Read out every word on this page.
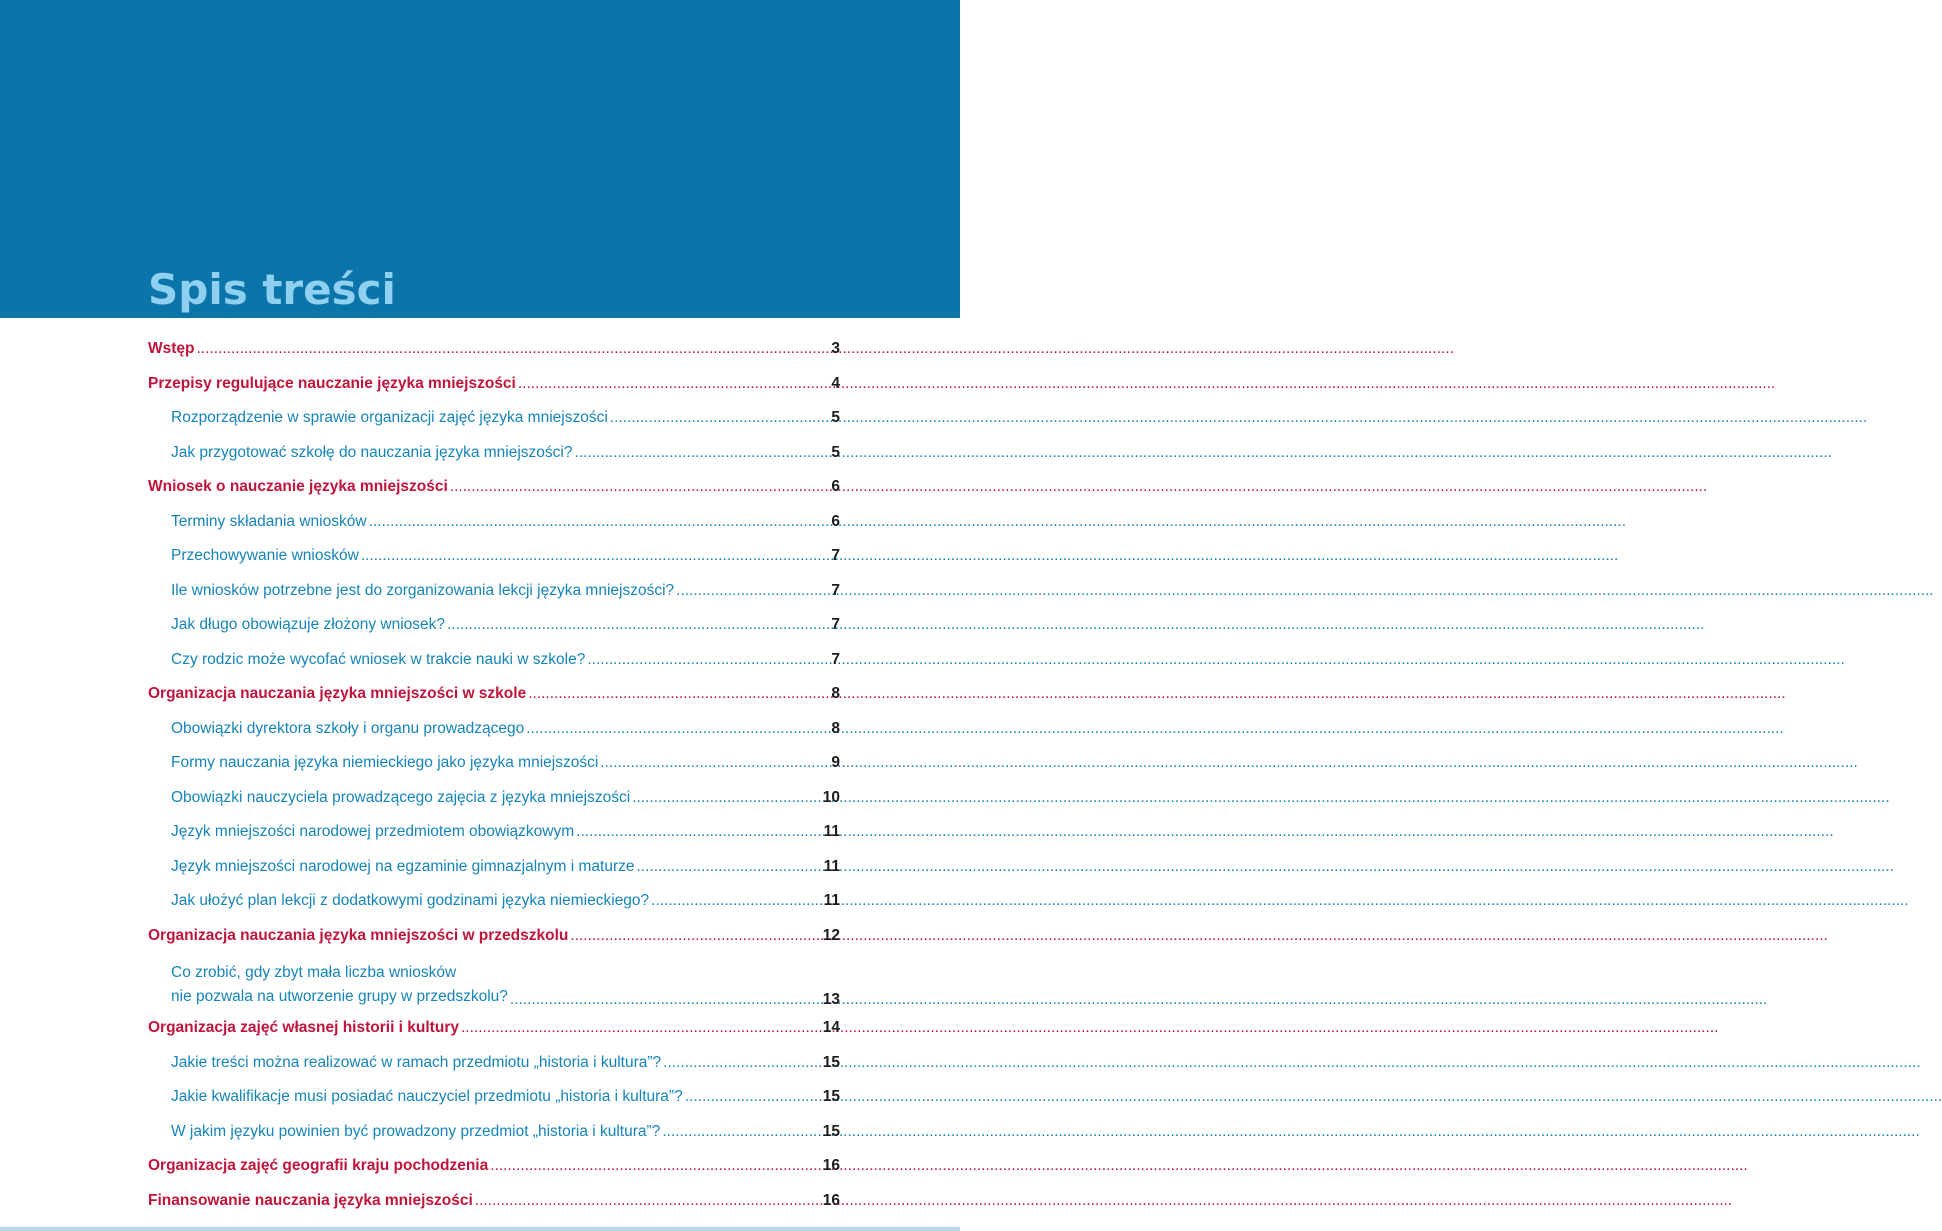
Spis treści
Wstęp .....	3
Przepisy regulujące nauczanie języka mniejszości .....	4
Rozporządzenie w sprawie organizacji zajęć języka mniejszości .....	5
Jak przygotować szkołę do nauczania języka mniejszości? .....	5
Wniosek o nauczanie języka mniejszości .....	6
Terminy składania wniosków .....	6
Przechowywanie wniosków .....	7
Ile wniosków potrzebne jest do zorganizowania lekcji języka mniejszości? .....	7
Jak długo obowiązuje złożony wniosek? .....	7
Czy rodzic może wycofać wniosek w trakcie nauki w szkole? .....	7
Organizacja nauczania języka mniejszości w szkole .....	8
Obowiązki dyrektora szkoły i organu prowadzącego .....	8
Formy nauczania języka niemieckiego jako języka mniejszości .....	9
Obowiązki nauczyciela prowadzącego zajęcia z języka mniejszości .....	10
Język mniejszości narodowej przedmiotem obowiązkowym .....	11
Język mniejszości narodowej na egzaminie gimnazjalnym i maturze .....	11
Jak ułożyć plan lekcji z dodatkowymi godzinami języka niemieckiego? .....	11
Organizacja nauczania języka mniejszości w przedszkolu .....	12
Co zrobić, gdy zbyt mała liczba wniosków
nie pozwala na utworzenie grupy w przedszkolu? .....	13
Organizacja zajęć własnej historii i kultury .....	14
Jakie treści można realizować w ramach przedmiotu „historia i kultura”? .....	15
Jakie kwalifikacje musi posiadać nauczyciel przedmiotu „historia i kultura”? .....	15
W jakim języku powinien być prowadzony przedmiot „historia i kultura”? .....	15
Organizacja zajęć geografii kraju pochodzenia .....	16
Finansowanie nauczania języka mniejszości .....	16
